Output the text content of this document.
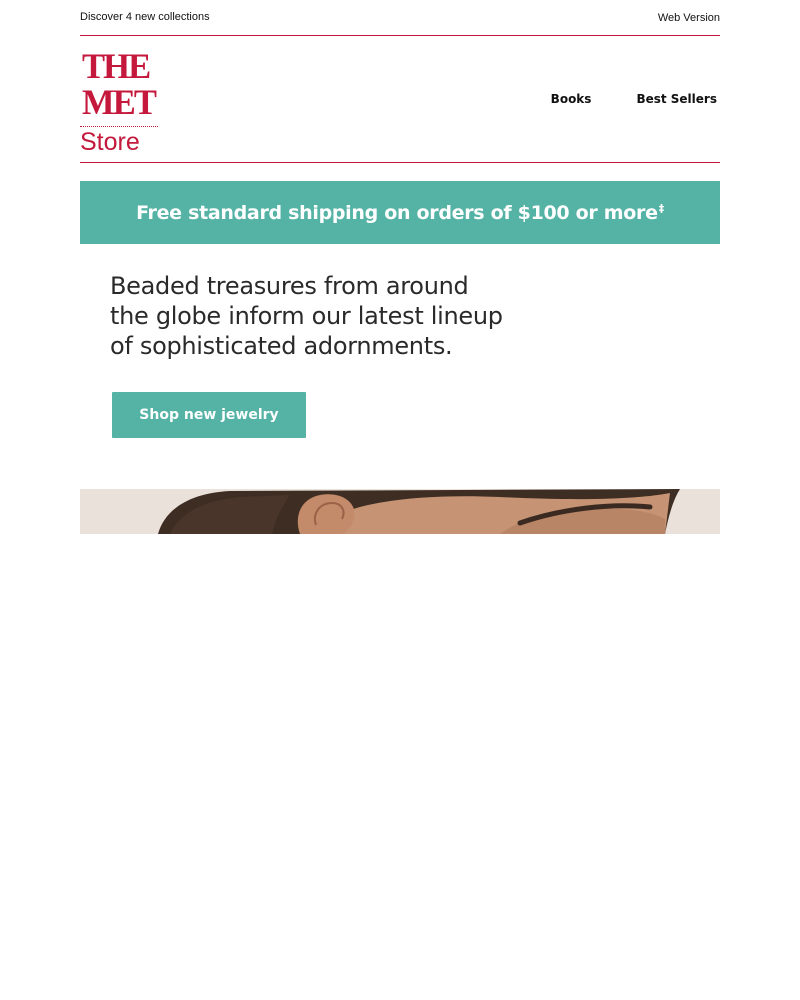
Discover 4 new collections	Web Version
THE
MET
Store
Books	Best Sellers
Free standard shipping on orders of $100 or more ‡
Beaded treasures from around
the globe inform our latest lineup
of sophisticated adornments.
Shop new jewelry
